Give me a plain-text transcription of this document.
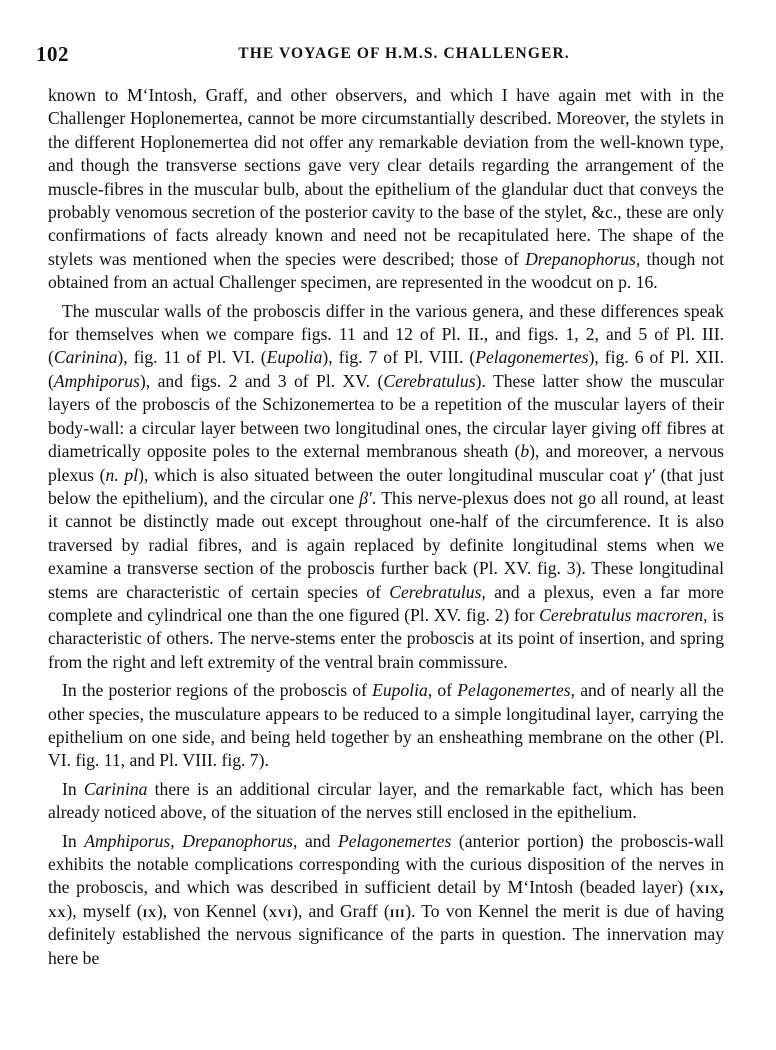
102	THE VOYAGE OF H.M.S. CHALLENGER.

known to M‘Intosh, Graff, and other observers, and which I have again met with in the Challenger Hoplonemertea, cannot be more circumstantially described. Moreover, the stylets in the different Hoplonemertea did not offer any remarkable deviation from the well-known type, and though the transverse sections gave very clear details regarding the arrangement of the muscle-fibres in the muscular bulb, about the epithelium of the glandular duct that conveys the probably venomous secretion of the posterior cavity to the base of the stylet, &c., these are only confirmations of facts already known and need not be recapitulated here. The shape of the stylets was mentioned when the species were described; those of Drepanophorus, though not obtained from an actual Challenger specimen, are represented in the woodcut on p. 16.

The muscular walls of the proboscis differ in the various genera, and these differences speak for themselves when we compare figs. 11 and 12 of Pl. II., and figs. 1, 2, and 5 of Pl. III. (Carinina), fig. 11 of Pl. VI. (Eupolia), fig. 7 of Pl. VIII. (Pelagonemertes), fig. 6 of Pl. XII. (Amphiporus), and figs. 2 and 3 of Pl. XV. (Cerebratulus). These latter show the muscular layers of the proboscis of the Schizonemertea to be a repetition of the muscular layers of their body-wall: a circular layer between two longitudinal ones, the circular layer giving off fibres at diametrically opposite poles to the external membranous sheath (b), and moreover, a nervous plexus (n. pl), which is also situated between the outer longitudinal muscular coat γ′ (that just below the epithelium), and the circular one β′. This nerve-plexus does not go all round, at least it cannot be distinctly made out except throughout one-half of the circumference. It is also traversed by radial fibres, and is again replaced by definite longitudinal stems when we examine a transverse section of the proboscis further back (Pl. XV. fig. 3). These longitudinal stems are characteristic of certain species of Cerebratulus, and a plexus, even a far more complete and cylindrical one than the one figured (Pl. XV. fig. 2) for Cerebratulus macroren, is characteristic of others. The nerve-stems enter the proboscis at its point of insertion, and spring from the right and left extremity of the ventral brain commissure.

In the posterior regions of the proboscis of Eupolia, of Pelagonemertes, and of nearly all the other species, the musculature appears to be reduced to a simple longitudinal layer, carrying the epithelium on one side, and being held together by an ensheathing membrane on the other (Pl. VI. fig. 11, and Pl. VIII. fig. 7).

In Carinina there is an additional circular layer, and the remarkable fact, which has been already noticed above, of the situation of the nerves still enclosed in the epithelium.

In Amphiporus, Drepanophorus, and Pelagonemertes (anterior portion) the proboscis-wall exhibits the notable complications corresponding with the curious disposition of the nerves in the proboscis, and which was described in sufficient detail by M‘Intosh (beaded layer) (xix, xx), myself (ix), von Kennel (xvi), and Graff (iii). To von Kennel the merit is due of having definitely established the nervous significance of the parts in question. The innervation may here be
